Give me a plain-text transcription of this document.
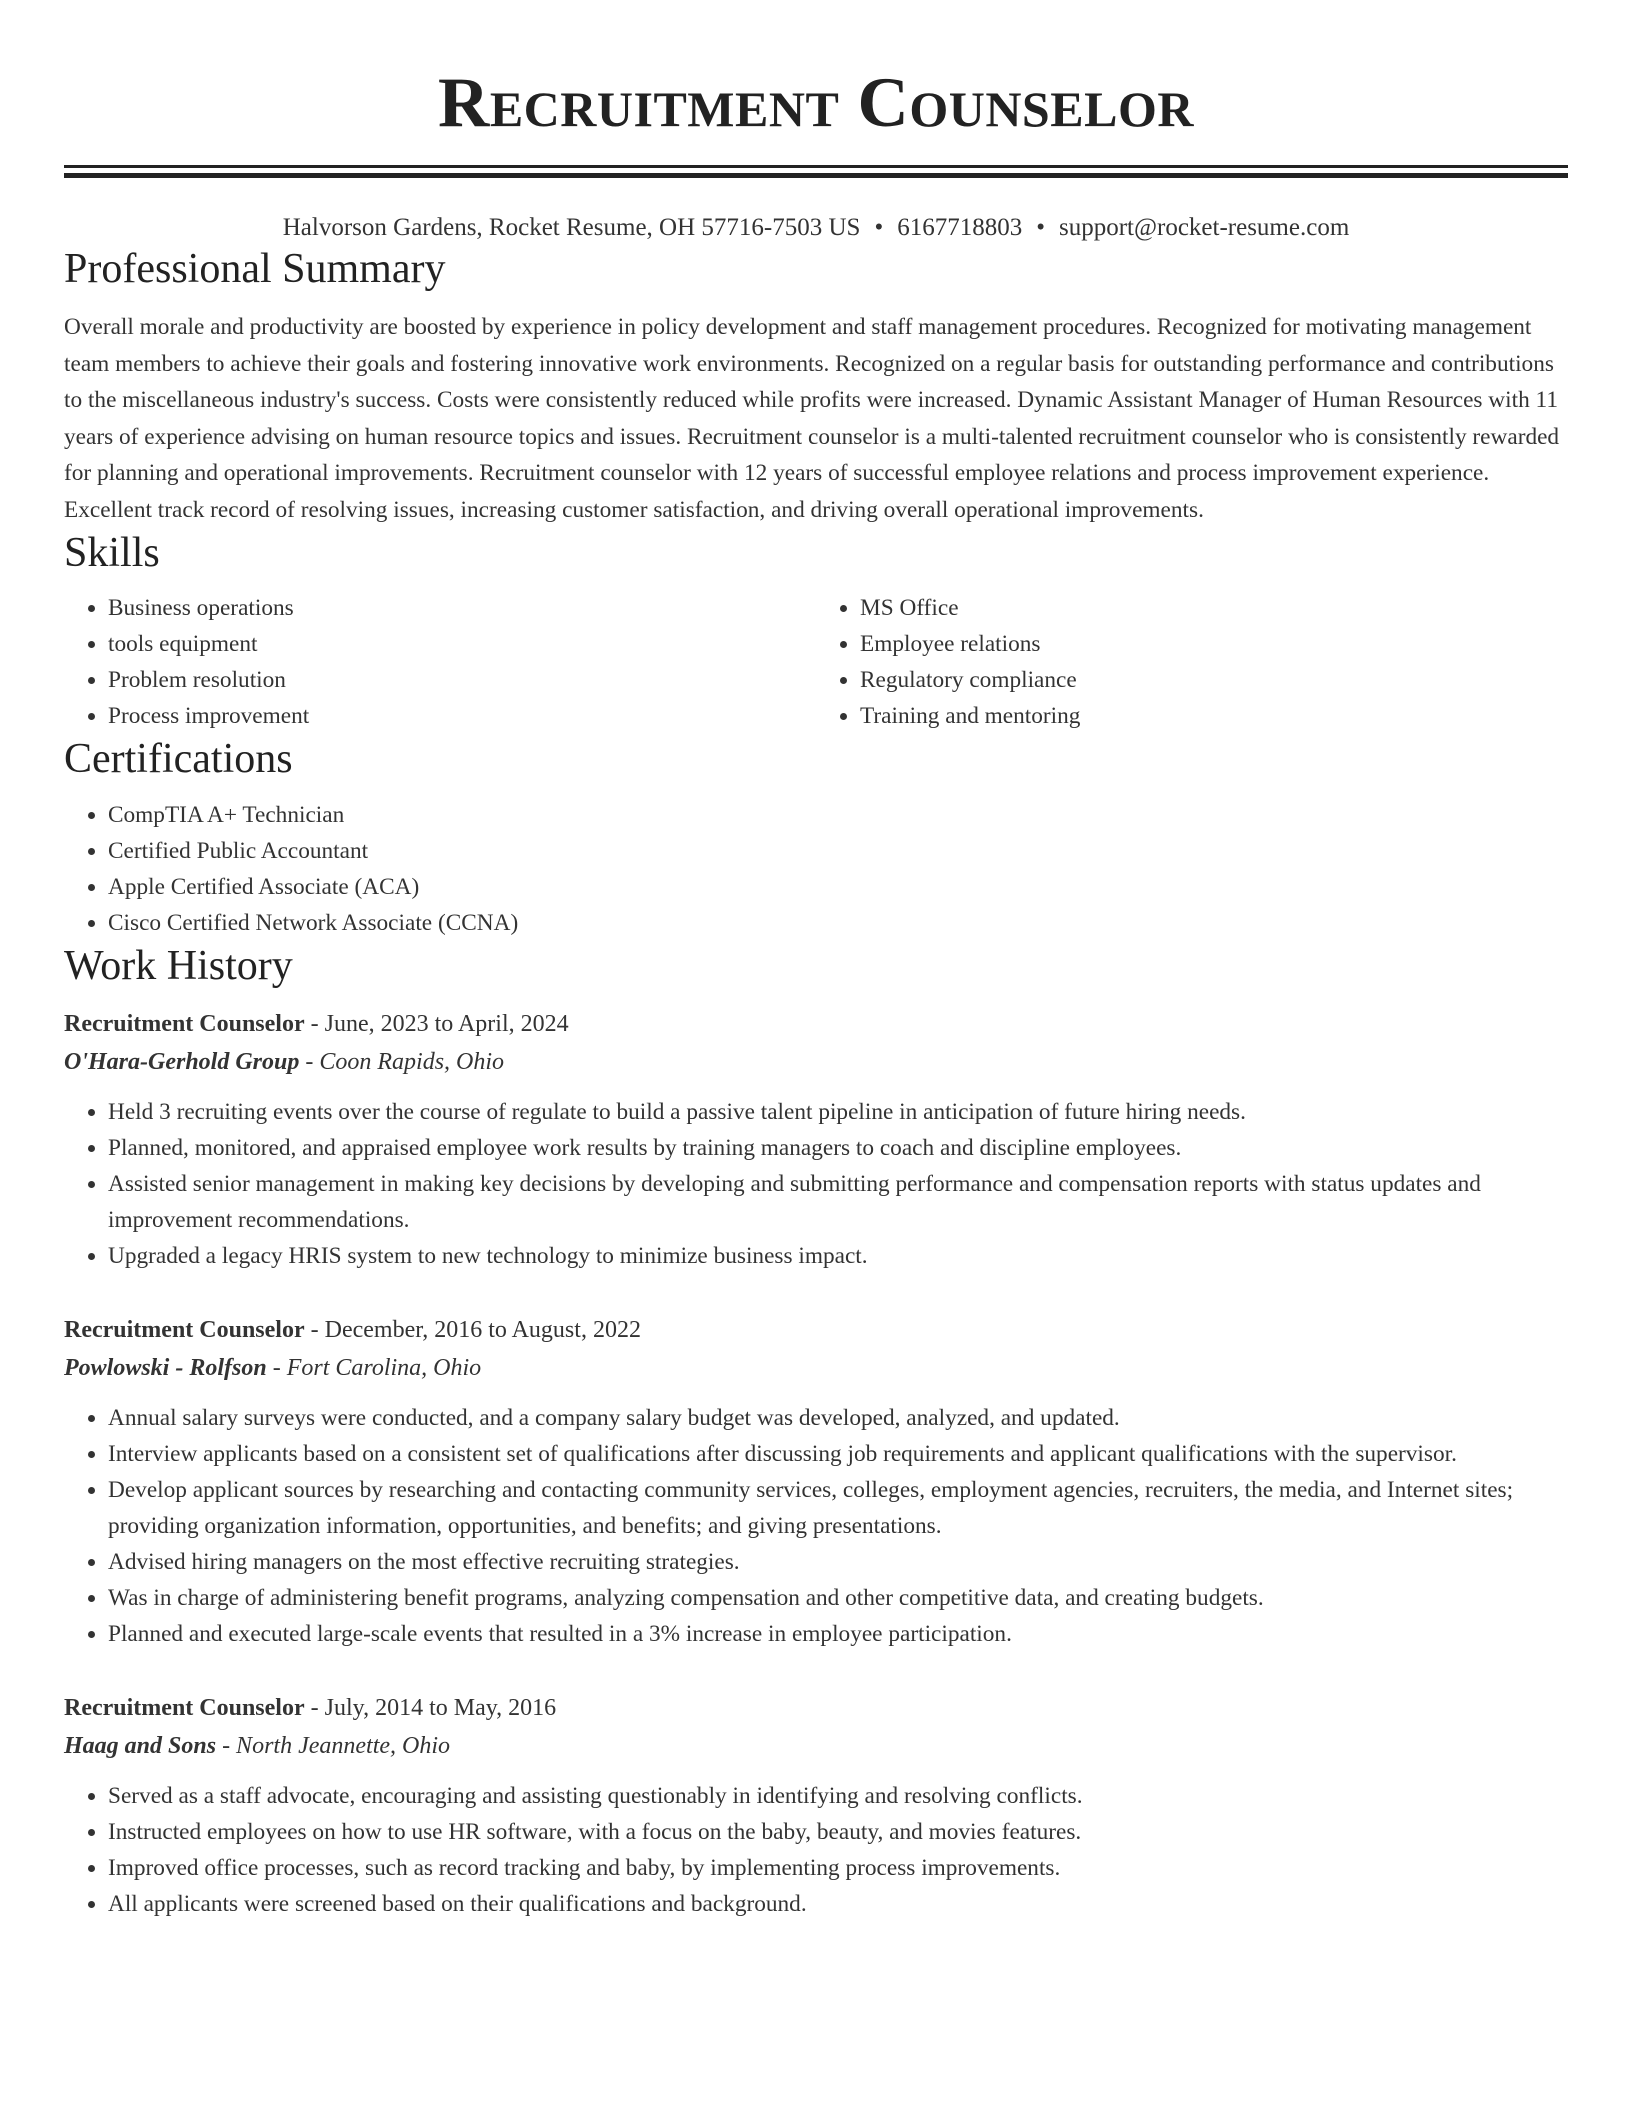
Recruitment Counselor
Halvorson Gardens, Rocket Resume, OH 57716-7503 US • 6167718803 • support@rocket-resume.com
Professional Summary
Overall morale and productivity are boosted by experience in policy development and staff management procedures. Recognized for motivating management team members to achieve their goals and fostering innovative work environments. Recognized on a regular basis for outstanding performance and contributions to the miscellaneous industry's success. Costs were consistently reduced while profits were increased. Dynamic Assistant Manager of Human Resources with 11 years of experience advising on human resource topics and issues. Recruitment counselor is a multi-talented recruitment counselor who is consistently rewarded for planning and operational improvements. Recruitment counselor with 12 years of successful employee relations and process improvement experience. Excellent track record of resolving issues, increasing customer satisfaction, and driving overall operational improvements.
Skills
• Business operations
• tools equipment
• Problem resolution
• Process improvement
• MS Office
• Employee relations
• Regulatory compliance
• Training and mentoring
Certifications
• CompTIA A+ Technician
• Certified Public Accountant
• Apple Certified Associate (ACA)
• Cisco Certified Network Associate (CCNA)
Work History
Recruitment Counselor - June, 2023 to April, 2024
O'Hara-Gerhold Group - Coon Rapids, Ohio
• Held 3 recruiting events over the course of regulate to build a passive talent pipeline in anticipation of future hiring needs.
• Planned, monitored, and appraised employee work results by training managers to coach and discipline employees.
• Assisted senior management in making key decisions by developing and submitting performance and compensation reports with status updates and improvement recommendations.
• Upgraded a legacy HRIS system to new technology to minimize business impact.
Recruitment Counselor - December, 2016 to August, 2022
Powlowski - Rolfson - Fort Carolina, Ohio
• Annual salary surveys were conducted, and a company salary budget was developed, analyzed, and updated.
• Interview applicants based on a consistent set of qualifications after discussing job requirements and applicant qualifications with the supervisor.
• Develop applicant sources by researching and contacting community services, colleges, employment agencies, recruiters, the media, and Internet sites; providing organization information, opportunities, and benefits; and giving presentations.
• Advised hiring managers on the most effective recruiting strategies.
• Was in charge of administering benefit programs, analyzing compensation and other competitive data, and creating budgets.
• Planned and executed large-scale events that resulted in a 3% increase in employee participation.
Recruitment Counselor - July, 2014 to May, 2016
Haag and Sons - North Jeannette, Ohio
• Served as a staff advocate, encouraging and assisting questionably in identifying and resolving conflicts.
• Instructed employees on how to use HR software, with a focus on the baby, beauty, and movies features.
• Improved office processes, such as record tracking and baby, by implementing process improvements.
• All applicants were screened based on their qualifications and background.
